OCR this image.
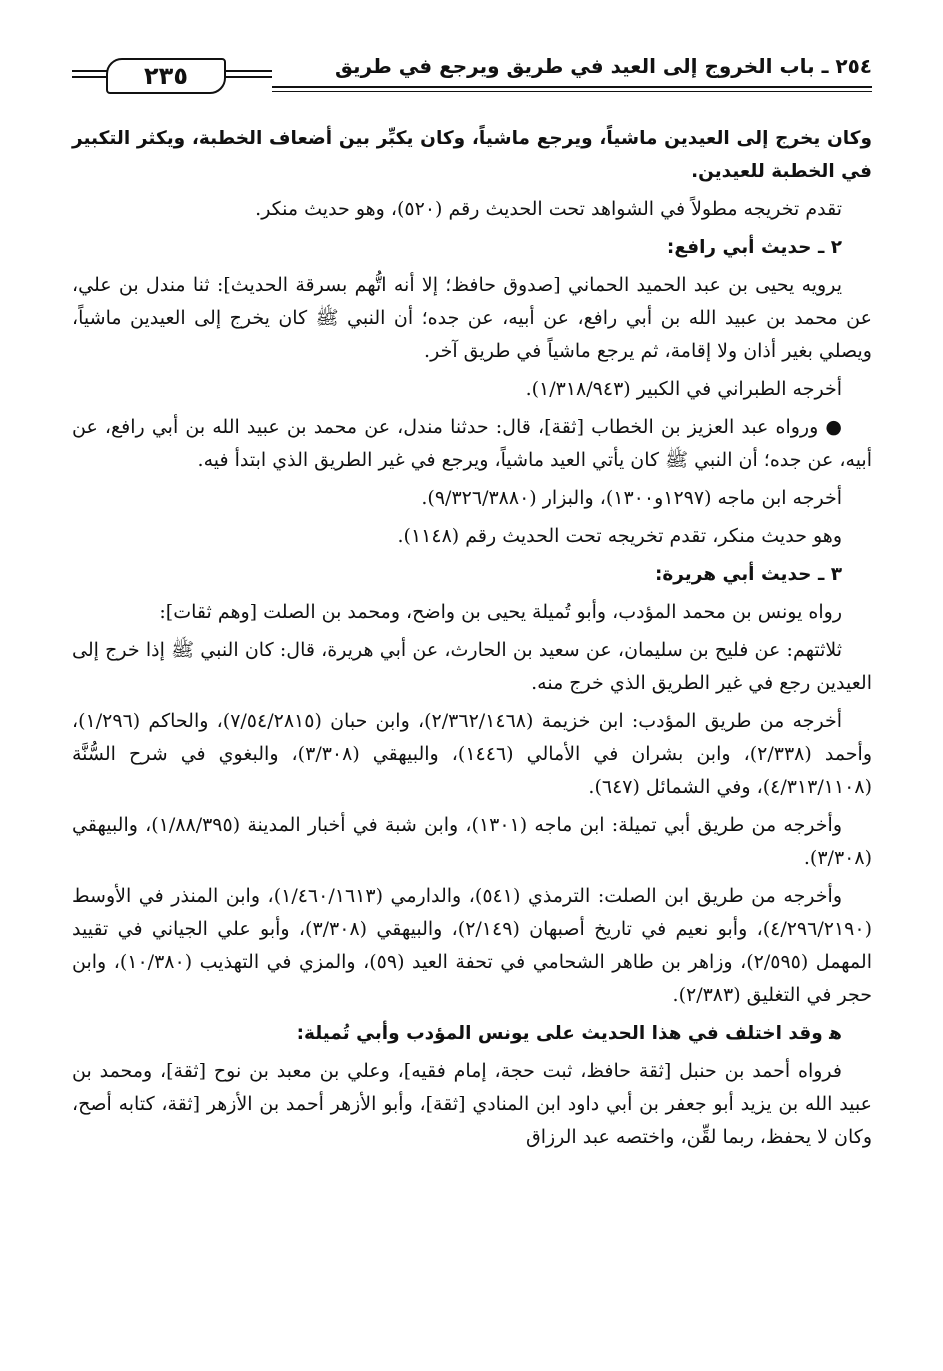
٢٣٥	٢٥٤ ـ باب الخروج إلى العيد في طريق ويرجع في طريق

وكان يخرج إلى العيدين ماشياً، ويرجع ماشياً، وكان يكبِّر بين أضعاف الخطبة، ويكثر التكبير في الخطبة للعيدين.

تقدم تخريجه مطولاً في الشواهد تحت الحديث رقم (٥٢٠)، وهو حديث منكر.

٢ ـ حديث أبي رافع:

يرويه يحيى بن عبد الحميد الحماني [صدوق حافظ؛ إلا أنه اتُّهم بسرقة الحديث]: ثنا مندل بن علي، عن محمد بن عبيد الله بن أبي رافع، عن أبيه، عن جده؛ أن النبي ﷺ كان يخرج إلى العيدين ماشياً، ويصلي بغير أذان ولا إقامة، ثم يرجع ماشياً في طريق آخر.

أخرجه الطبراني في الكبير (١/٣١٨/٩٤٣).

● ورواه عبد العزيز بن الخطاب [ثقة]، قال: حدثنا مندل، عن محمد بن عبيد الله بن أبي رافع، عن أبيه، عن جده؛ أن النبي ﷺ كان يأتي العيد ماشياً، ويرجع في غير الطريق الذي ابتدأ فيه.

أخرجه ابن ماجه (١٢٩٧و١٣٠٠)، والبزار (٩/٣٢٦/٣٨٨٠).

وهو حديث منكر، تقدم تخريجه تحت الحديث رقم (١١٤٨).

٣ ـ حديث أبي هريرة:

رواه يونس بن محمد المؤدب، وأبو تُميلة يحيى بن واضح، ومحمد بن الصلت [وهم ثقات]:

ثلاثتهم: عن فليح بن سليمان، عن سعيد بن الحارث، عن أبي هريرة، قال: كان النبي ﷺ إذا خرج إلى العيدين رجع في غير الطريق الذي خرج منه.

أخرجه من طريق المؤدب: ابن خزيمة (٢/٣٦٢/١٤٦٨)، وابن حبان (٧/٥٤/٢٨١٥)، والحاكم (١/٢٩٦)، وأحمد (٢/٣٣٨)، وابن بشران في الأمالي (١٤٤٦)، والبيهقي (٣/٣٠٨)، والبغوي في شرح السُّنَّة (٤/٣١٣/١١٠٨)، وفي الشمائل (٦٤٧).

وأخرجه من طريق أبي تميلة: ابن ماجه (١٣٠١)، وابن شبة في أخبار المدينة (١/٨٨/٣٩٥)، والبيهقي (٣/٣٠٨).

وأخرجه من طريق ابن الصلت: الترمذي (٥٤١)، والدارمي (١/٤٦٠/١٦١٣)، وابن المنذر في الأوسط (٤/٢٩٦/٢١٩٠)، وأبو نعيم في تاريخ أصبهان (٢/١٤٩)، والبيهقي (٣/٣٠٨)، وأبو علي الجياني في تقييد المهمل (٢/٥٩٥)، وزاهر بن طاهر الشحامي في تحفة العيد (٥٩)، والمزي في التهذيب (١٠/٣٨٠)، وابن حجر في التغليق (٢/٣٨٣).

ﻫ وقد اختلف في هذا الحديث على يونس المؤدب وأبي تُميلة:

فرواه أحمد بن حنبل [ثقة حافظ، ثبت حجة، إمام فقيه]، وعلي بن معبد بن نوح [ثقة]، ومحمد بن عبيد الله بن يزيد أبو جعفر بن أبي داود ابن المنادي [ثقة]، وأبو الأزهر أحمد بن الأزهر [ثقة، كتابه أصح، وكان لا يحفظ، ربما لقِّن، واختصه عبد الرزاق
